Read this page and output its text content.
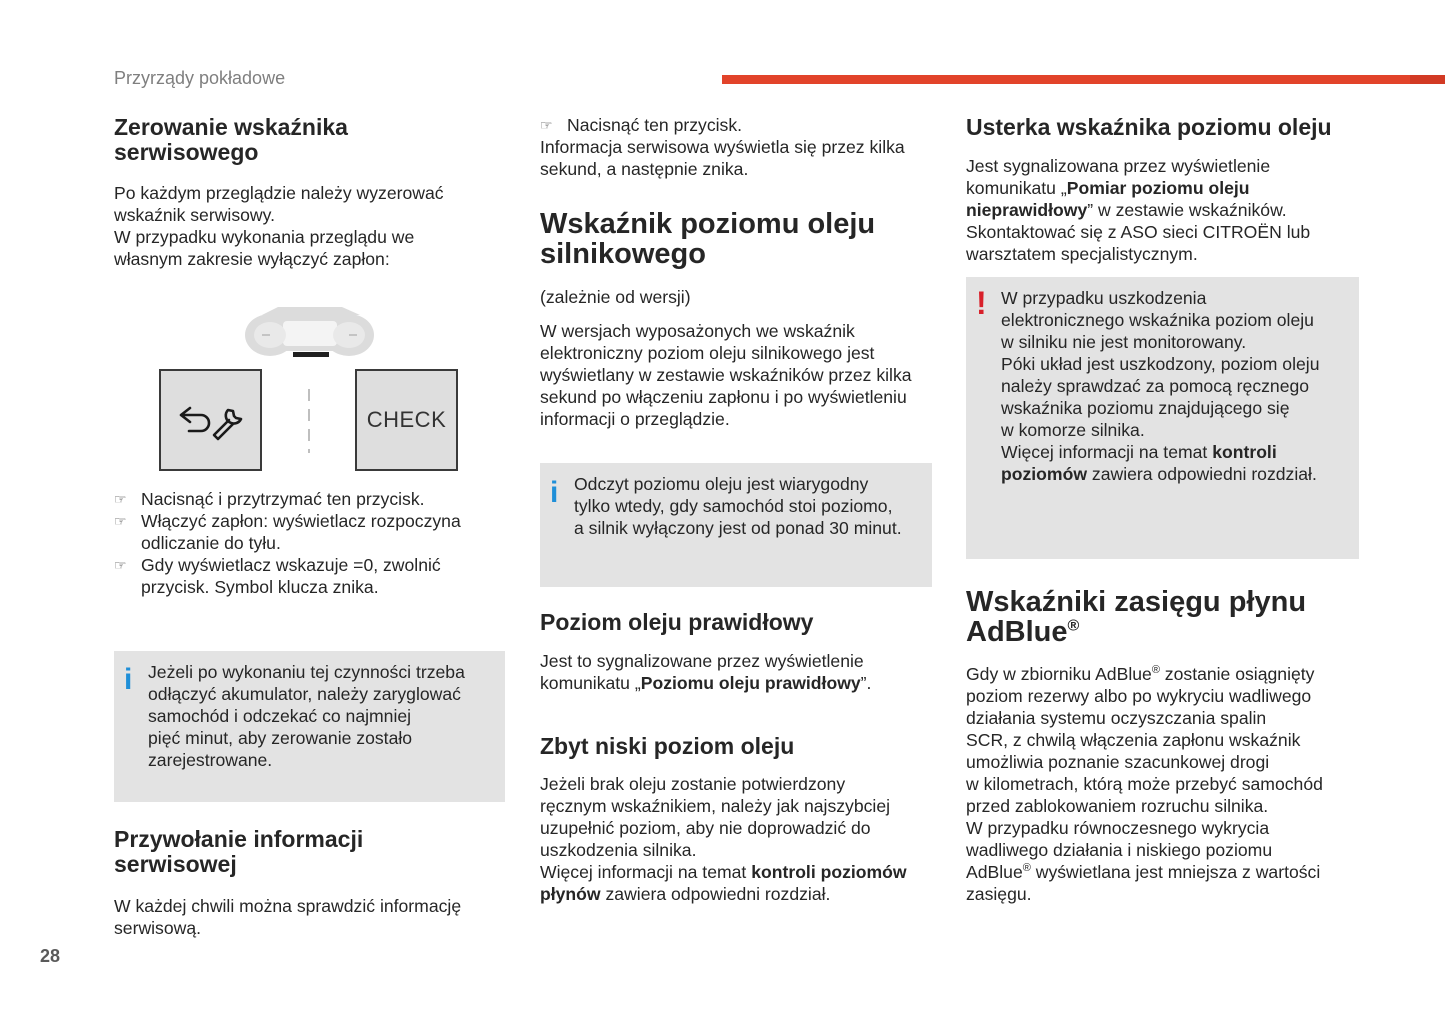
Przyrządy pokładowe
Zerowanie wskaźnika serwisowego
Po każdym przeglądzie należy wyzerować
wskaźnik serwisowy.
W przypadku wykonania przeglądu we
własnym zakresie wyłączyć zapłon:
CHECK
☞ Nacisnąć i przytrzymać ten przycisk.
☞ Włączyć zapłon: wyświetlacz rozpoczyna
odliczanie do tyłu.
☞ Gdy wyświetlacz wskazuje =0, zwolnić
przycisk. Symbol klucza znika.
i Jeżeli po wykonaniu tej czynności trzeba
odłączyć akumulator, należy zaryglować
samochód i odczekać co najmniej
pięć minut, aby zerowanie zostało
zarejestrowane.
Przywołanie informacji serwisowej
W każdej chwili można sprawdzić informację
serwisową.
28
☞ Nacisnąć ten przycisk.
Informacja serwisowa wyświetla się przez kilka
sekund, a następnie znika.
Wskaźnik poziomu oleju silnikowego
(zależnie od wersji)
W wersjach wyposażonych we wskaźnik
elektroniczny poziom oleju silnikowego jest
wyświetlany w zestawie wskaźników przez kilka
sekund po włączeniu zapłonu i po wyświetleniu
informacji o przeglądzie.
i Odczyt poziomu oleju jest wiarygodny
tylko wtedy, gdy samochód stoi poziomo,
a silnik wyłączony jest od ponad 30 minut.
Poziom oleju prawidłowy
Jest to sygnalizowane przez wyświetlenie
komunikatu „Poziomu oleju prawidłowy”.
Zbyt niski poziom oleju
Jeżeli brak oleju zostanie potwierdzony
ręcznym wskaźnikiem, należy jak najszybciej
uzupełnić poziom, aby nie doprowadzić do
uszkodzenia silnika.
Więcej informacji na temat kontroli poziomów
płynów zawiera odpowiedni rozdział.
Usterka wskaźnika poziomu oleju
Jest sygnalizowana przez wyświetlenie
komunikatu „Pomiar poziomu oleju
nieprawidłowy” w zestawie wskaźników.
Skontaktować się z ASO sieci CITROËN lub
warsztatem specjalistycznym.
! W przypadku uszkodzenia
elektronicznego wskaźnika poziom oleju
w silniku nie jest monitorowany.
Póki układ jest uszkodzony, poziom oleju
należy sprawdzać za pomocą ręcznego
wskaźnika poziomu znajdującego się
w komorze silnika.
Więcej informacji na temat kontroli
poziomów zawiera odpowiedni rozdział.
Wskaźniki zasięgu płynu
AdBlue®
Gdy w zbiorniku AdBlue® zostanie osiągnięty
poziom rezerwy albo po wykryciu wadliwego
działania systemu oczyszczania spalin
SCR, z chwilą włączenia zapłonu wskaźnik
umożliwia poznanie szacunkowej drogi
w kilometrach, którą może przebyć samochód
przed zablokowaniem rozruchu silnika.
W przypadku równoczesnego wykrycia
wadliwego działania i niskiego poziomu
AdBlue® wyświetlana jest mniejsza z wartości
zasięgu.
